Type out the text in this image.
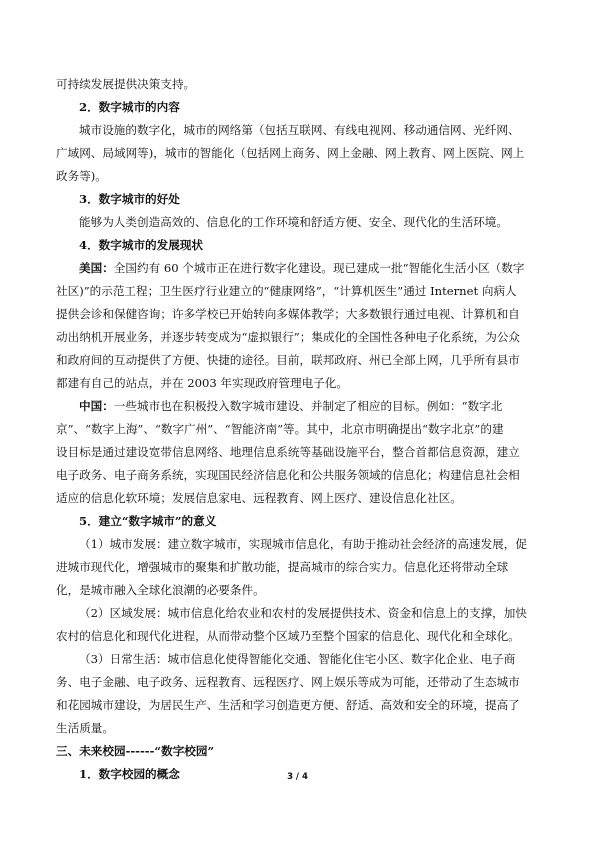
可持续发展提供决策支持。
2．数字城市的内容
城市设施的数字化，城市的网络第（包括互联网、有线电视网、移动通信网、光纤网、
广域网、局域网等)，城市的智能化（包括网上商务、网上金融、网上教育、网上医院、网上
政务等)。
3．数字城市的好处
能够为人类创造高效的、信息化的工作环境和舒适方便、安全、现代化的生活环境。
4．数字城市的发展现状
美国：全国约有 60 个城市正在进行数字化建设。现已建成一批“智能化生活小区（数字
社区)”的示范工程；卫生医疗行业建立的“健康网络”，“计算机医生”通过 Internet 向病人
提供会诊和保健咨询；许多学校已开始转向多媒体教学；大多数银行通过电视、计算机和自
动出纳机开展业务，并逐步转变成为“虚拟银行”；集成化的全国性各种电子化系统，为公众
和政府间的互动提供了方便、快捷的途径。目前，联邦政府、州已全部上网，几乎所有县市
都建有自己的站点，并在 2003 年实现政府管理电子化。
中国：一些城市也在积极投入数字城市建设、并制定了相应的目标。例如：“数字北
京”、“数字上海”、“数字广州”、“智能济南”等。其中，北京市明确提出“数字北京”的建
设目标是通过建设宽带信息网络、地理信息系统等基础设施平台，整合首都信息资源，建立
电子政务、电子商务系统，实现国民经济信息化和公共服务领域的信息化；构建信息社会相
适应的信息化软环境；发展信息家电、远程教育、网上医疗、建设信息化社区。
5．建立“数字城市”的意义
（1）城市发展：建立数字城市，实现城市信息化，有助于推动社会经济的高速发展，促
进城市现代化，增强城市的聚集和扩散功能，提高城市的综合实力。信息化还将带动全球
化，是城市融入全球化浪潮的必要条件。
（2）区域发展：城市信息化给农业和农村的发展提供技术、资金和信息上的支撑，加快
农村的信息化和现代化进程，从而带动整个区域乃至整个国家的信息化、现代化和全球化。
（3）日常生活：城市信息化使得智能化交通、智能化住宅小区、数字化企业、电子商
务、电子金融、电子政务、远程教育、远程医疗、网上娱乐等成为可能，还带动了生态城市
和花园城市建设，为居民生产、生活和学习创造更方便、舒适、高效和安全的环境，提高了
生活质量。
三、未来校园------“数字校园”
1．数字校园的概念	3 / 4
